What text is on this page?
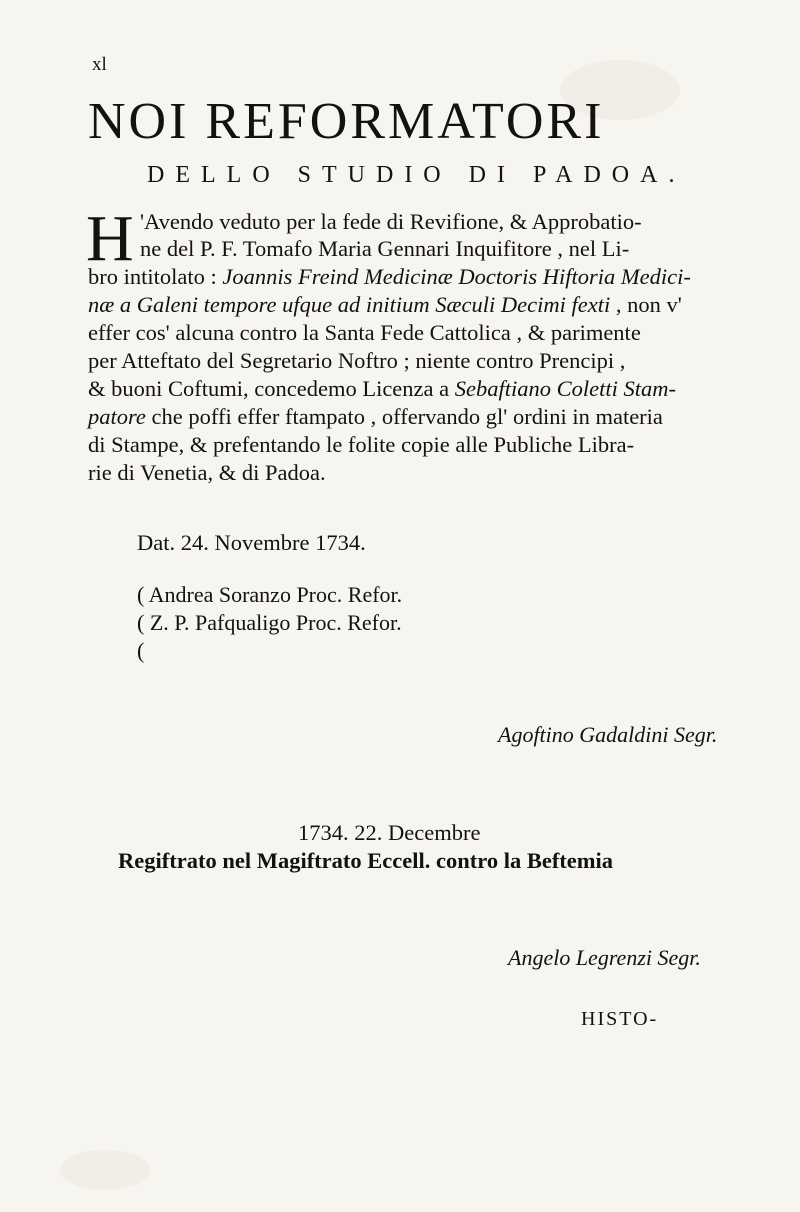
xl
NOI REFORMATORI
DELLO STUDIO DI PADOA.
H 'Avendo veduto per la fede di Revifione, & Approbatio-
ne del P. F. Tomafo Maria Gennari Inquifitore , nel Li-
bro intitolato : Joannis Freind Medicinæ Doctoris Hiftoria Medici-
næ a Galeni tempore ufque ad initium Sæculi Decimi fexti , non v'
effer cos' alcuna contro la Santa Fede Cattolica , & parimente
per Atteftato del Segretario Noftro ; niente contro Prencipi ,
& buoni Coftumi, concedemo Licenza a Sebaftiano Coletti Stam-
patore che poffi effer ftampato , offervando gl' ordini in materia
di Stampe, & prefentando le folite copie alle Publiche Libra-
rie di Venetia, & di Padoa.
Dat. 24. Novembre 1734.
( Andrea Soranzo Proc. Refor.
( Z. P. Pafqualigo Proc. Refor.
(
Agoftino Gadaldini Segr.
1734. 22. Decembre
Regiftrato nel Magiftrato Eccell. contro la Beftemia
Angelo Legrenzi Segr.
HISTO-
